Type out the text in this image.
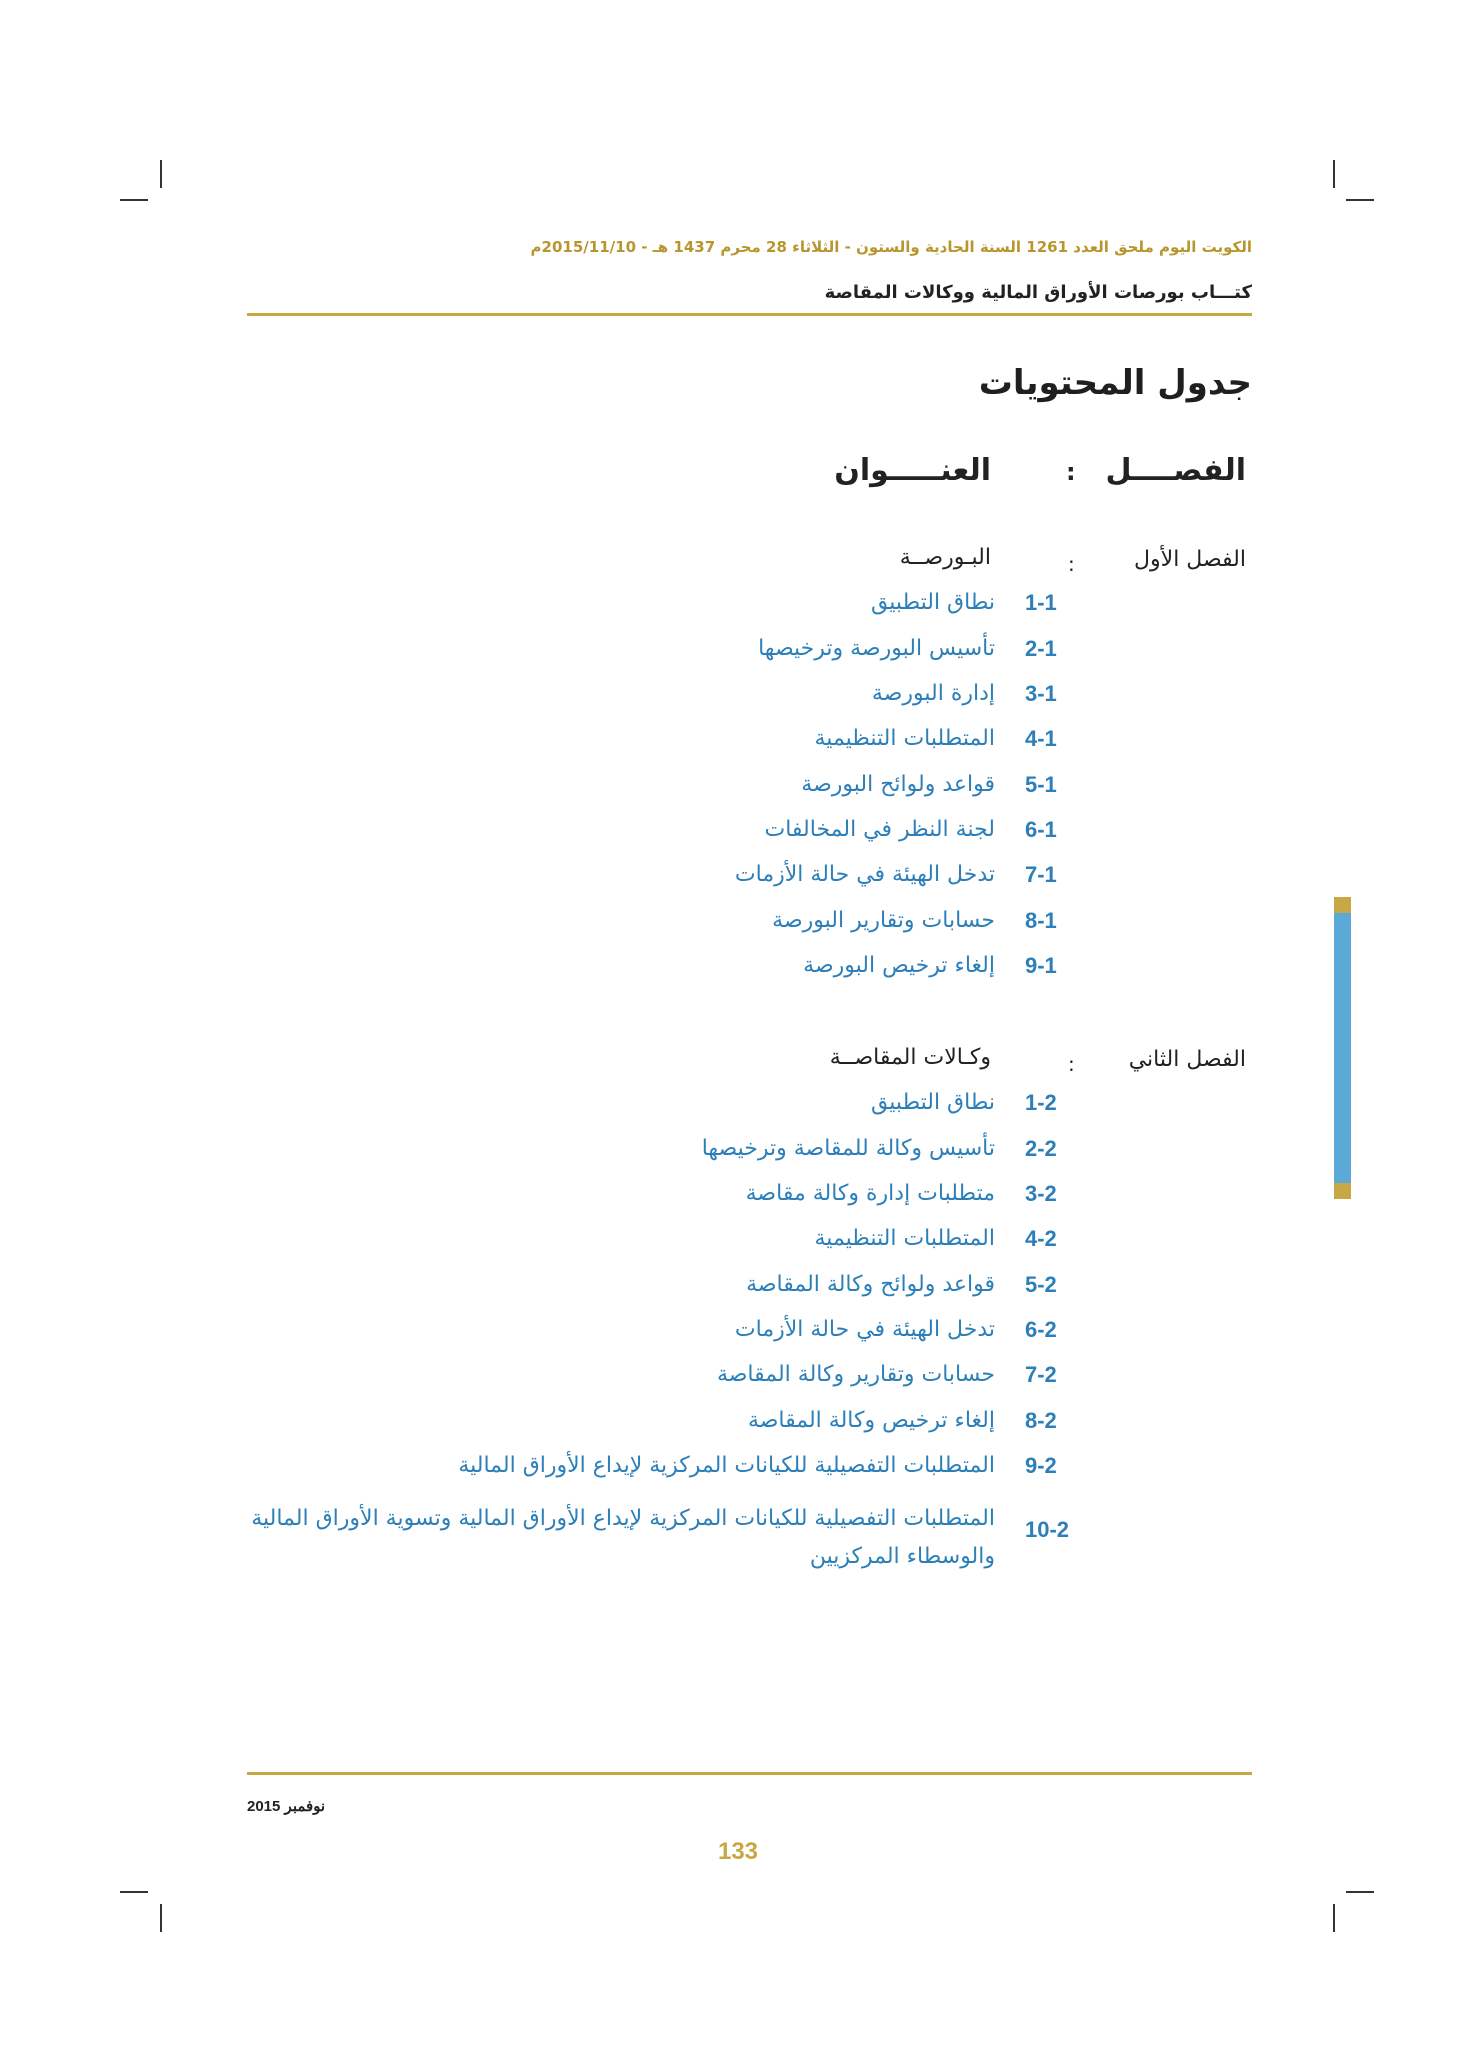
الكويت اليوم ملحق العدد 1261 السنة الحادية والستون - الثلاثاء 28 محرم 1437 هـ - 2015/11/10م
كتـــاب بورصات الأوراق المالية ووكالات المقاصة
جدول المحتويات
الفصــــل
:
العنـــــوان
الفصل الأول
:
البـورصــة
1-1
نطاق التطبيق
2-1
تأسيس البورصة وترخيصها
3-1
إدارة البورصة
4-1
المتطلبات التنظيمية
5-1
قواعد ولوائح البورصة
6-1
لجنة النظر في المخالفات
7-1
تدخل الهيئة في حالة الأزمات
8-1
حسابات وتقارير البورصة
9-1
إلغاء ترخيص البورصة
الفصل الثاني
:
وكـالات المقاصــة
1-2
نطاق التطبيق
2-2
تأسيس وكالة للمقاصة وترخيصها
3-2
متطلبات إدارة وكالة مقاصة
4-2
المتطلبات التنظيمية
5-2
قواعد ولوائح وكالة المقاصة
6-2
تدخل الهيئة في حالة الأزمات
7-2
حسابات وتقارير وكالة المقاصة
8-2
إلغاء ترخيص وكالة المقاصة
9-2
المتطلبات التفصيلية للكيانات المركزية لإيداع الأوراق المالية
10-2
المتطلبات التفصيلية للكيانات المركزية لإيداع الأوراق المالية وتسوية الأوراق المالية والوسطاء المركزيين
نوفمبر 2015
133
